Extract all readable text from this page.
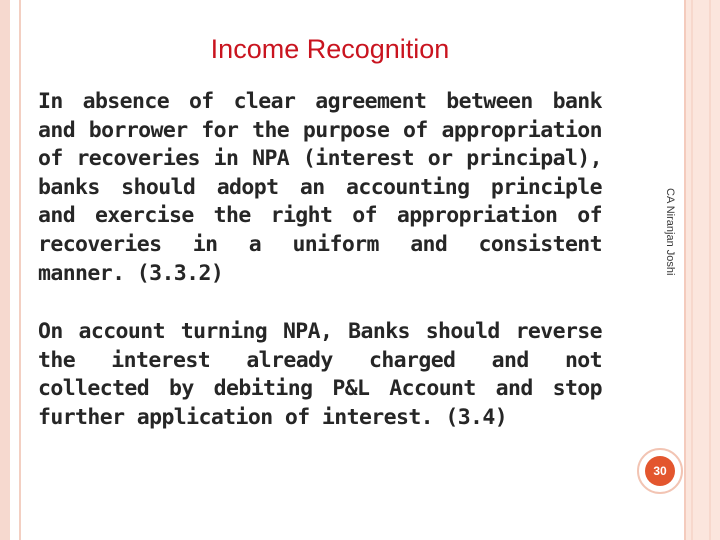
Income Recognition
In absence of clear agreement between bank and borrower for the purpose of appropriation of recoveries in NPA (interest or principal), banks should adopt an accounting principle and exercise the right of appropriation of recoveries in a uniform and consistent manner. (3.3.2)
On account turning NPA, Banks should reverse the interest already charged and not collected by debiting P&L Account and stop further application of interest. (3.4)
CA Niranjan Joshi
30
